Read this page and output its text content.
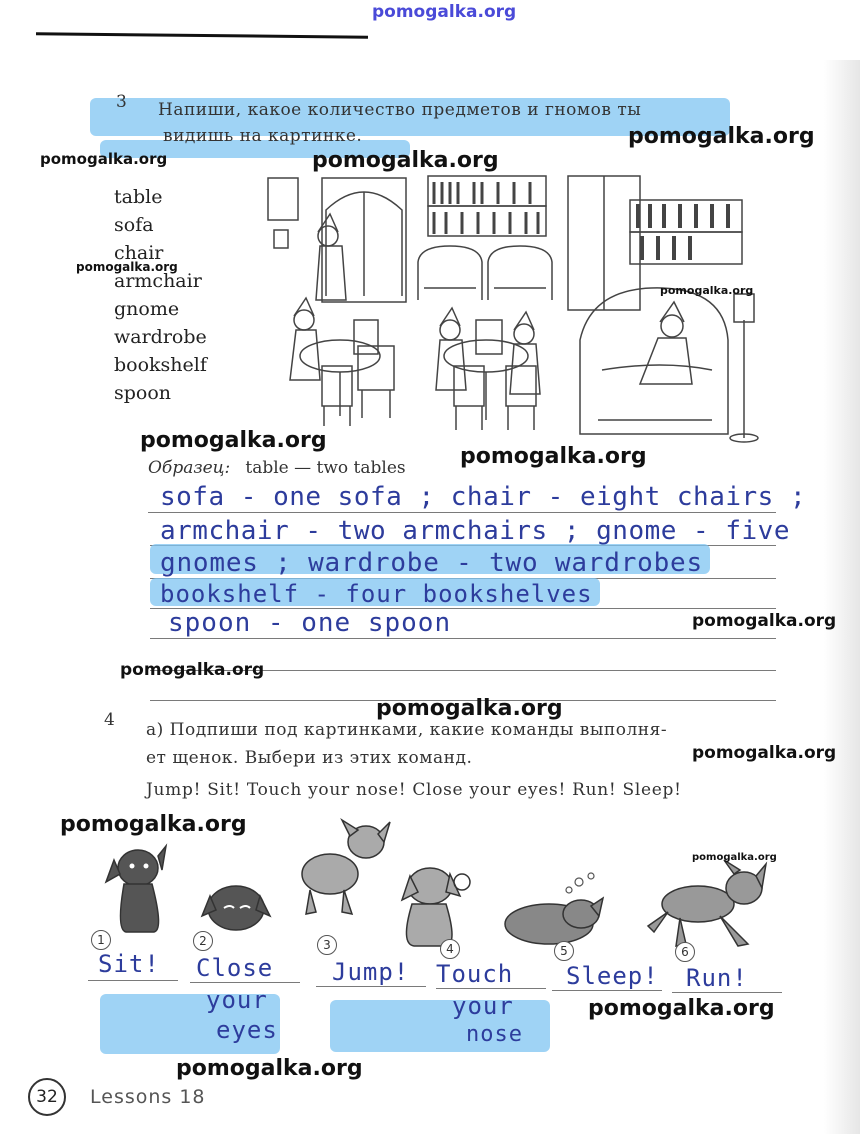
pomogalka.org
3 Напиши, какое количество предметов и гномов ты
видишь на картинке.
table
sofa
chair
armchair
gnome
wardrobe
bookshelf
spoon
Образец: table — two tables
sofa - one sofa ; chair - eight chairs ;
armchair - two armchairs ; gnome - five
gnomes ; wardrobe - two wardrobes
bookshelf - four bookshelves
spoon - one spoon
4 а) Подпиши под картинками, какие команды выполня-
ет щенок. Выбери из этих команд.
Jump! Sit! Touch your nose! Close your eyes! Run! Sleep!
1	2	3	4	5	6
Sit! Close
your
eyes
Jump! Touch
your
nose
Sleep! Run!
32	Lessons 18
pomogalka.org
pomogalka.org	pomogalka.org
pomogalka.org
pomogalka.org
pomogalka.org
pomogalka.org
pomogalka.org
pomogalka.org
pomogalka.org
pomogalka.org
pomogalka.org
pomogalka.org
pomogalka.org
pomogalka.org
